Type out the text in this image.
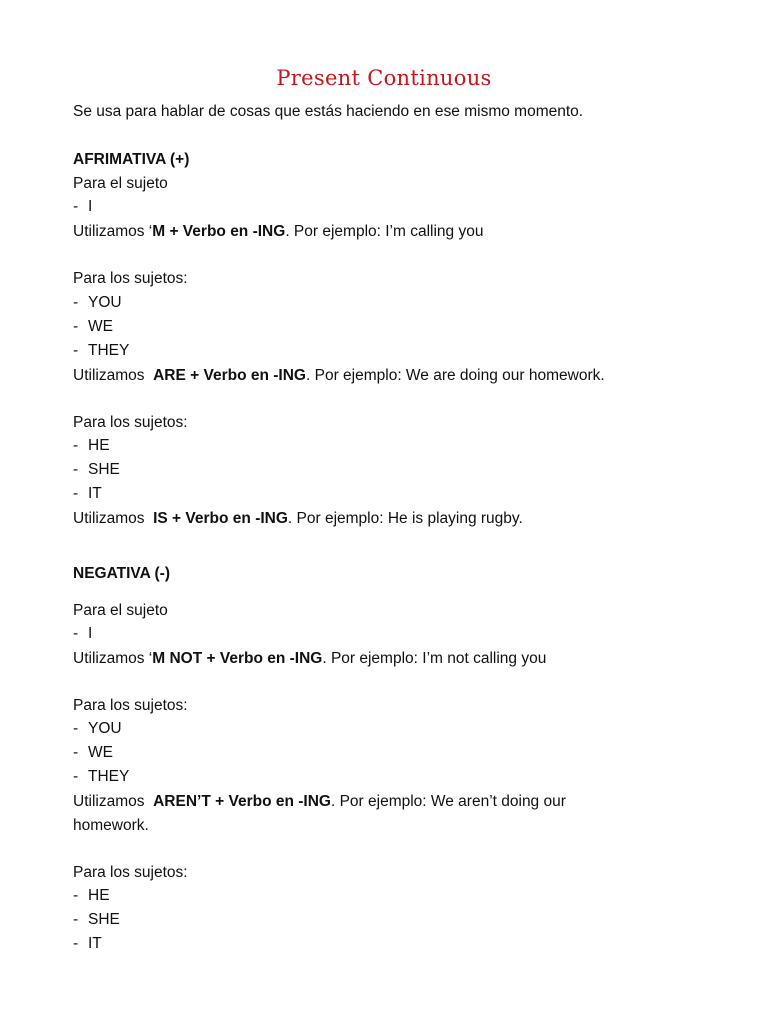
Present Continuous
Se usa para hablar de cosas que estás haciendo en ese mismo momento.
AFRIMATIVA (+)
Para el sujeto
- I
Utilizamos ‘M + Verbo en -ING. Por ejemplo: I’m calling you
Para los sujetos:
- YOU
- WE
- THEY
Utilizamos  ARE + Verbo en -ING. Por ejemplo: We are doing our homework.
Para los sujetos:
- HE
- SHE
- IT
Utilizamos  IS + Verbo en -ING. Por ejemplo: He is playing rugby.
NEGATIVA (-)
Para el sujeto
- I
Utilizamos ‘M NOT + Verbo en -ING. Por ejemplo: I’m not calling you
Para los sujetos:
- YOU
- WE
- THEY
Utilizamos  AREN’T + Verbo en -ING. Por ejemplo: We aren’t doing our
homework.
Para los sujetos:
- HE
- SHE
- IT
